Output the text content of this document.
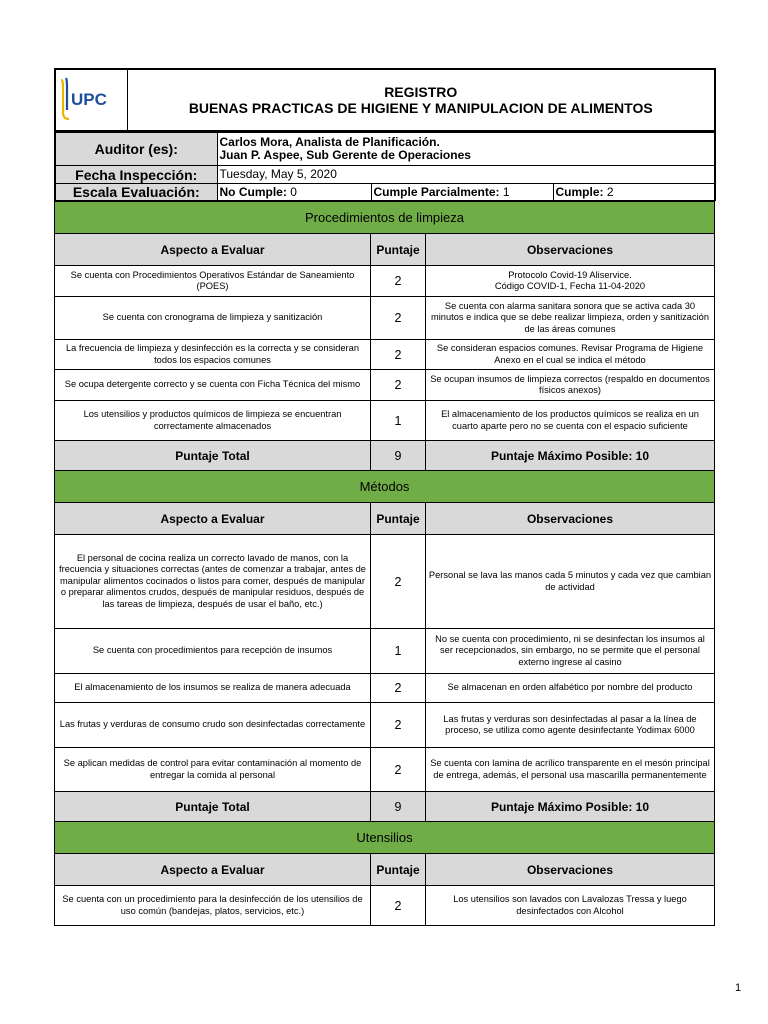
UPC	REGISTRO
BUENAS PRACTICAS DE HIGIENE Y MANIPULACION DE ALIMENTOS
Auditor (es):	Carlos Mora, Analista de Planificación.
Juan P. Aspee, Sub Gerente de Operaciones		

Fecha Inspección:	Tuesday, May 5, 2020		
Escala Evaluación:	No Cumple: 0	Cumple Parcialmente: 1	Cumple: 2
Procedimientos de limpieza		
Aspecto a Evaluar	Puntaje	Observaciones
Se cuenta con Procedimientos Operativos Estándar de Saneamiento (POES)	2	Protocolo Covid-19 Aliservice.
Código COVID-1, Fecha 11-04-2020
Se cuenta con cronograma de limpieza y sanitización	2	Se cuenta con alarma sanitara sonora que se activa cada 30 minutos e indica que se debe realizar limpieza, orden y sanitización de las áreas comunes
La frecuencia de limpieza y desinfección es la correcta y se consideran todos los espacios comunes	2	Se consideran espacios comunes. Revisar Programa de Higiene Anexo en el cual se indica el método
Se ocupa detergente correcto y se cuenta con Ficha Técnica del mismo	2	Se ocupan insumos de limpieza correctos (respaldo en documentos físicos anexos)
Los utensilios y productos químicos de limpieza se encuentran correctamente almacenados	1	El almacenamiento de los productos químicos se realiza en un cuarto aparte pero no se cuenta con el espacio suficiente
Puntaje Total	9	Puntaje Máximo Posible: 10
Métodos		
Aspecto a Evaluar	Puntaje	Observaciones
El personal de cocina realiza un correcto lavado de manos, con la frecuencia y situaciones correctas (antes de comenzar a trabajar, antes de manipular alimentos cocinados o listos para comer, después de manipular o preparar alimentos crudos, después de manipular residuos, después de las tareas de limpieza, después de usar el baño, etc.)	2	Personal se lava las manos cada 5 minutos y cada vez que cambian de actividad
Se cuenta con procedimientos para recepción de insumos	1	No se cuenta con procedimiento, ni se desinfectan los insumos al ser recepcionados, sin embargo, no se permite que el personal externo ingrese al casino
El almacenamiento de los insumos se realiza de manera adecuada	2	Se almacenan en orden alfabético por nombre del producto
Las frutas y verduras de consumo crudo son desinfectadas correctamente	2	Las frutas y verduras son desinfectadas al pasar a la línea de proceso, se utiliza como agente desinfectante Yodimax 6000
Se aplican medidas de control para evitar contaminación al momento de entregar la comida al personal	2	Se cuenta con lamina de acrílico transparente en el mesón principal de entrega, además, el personal usa mascarilla permanentemente
Puntaje Total	9	Puntaje Máximo Posible: 10
Utensilios		
Aspecto a Evaluar	Puntaje	Observaciones
Se cuenta con un procedimiento para la desinfección de los utensilios de uso común (bandejas, platos, servicios, etc.)	2	Los utensilios son lavados con Lavalozas Tressa y luego desinfectados con Alcohol
1
